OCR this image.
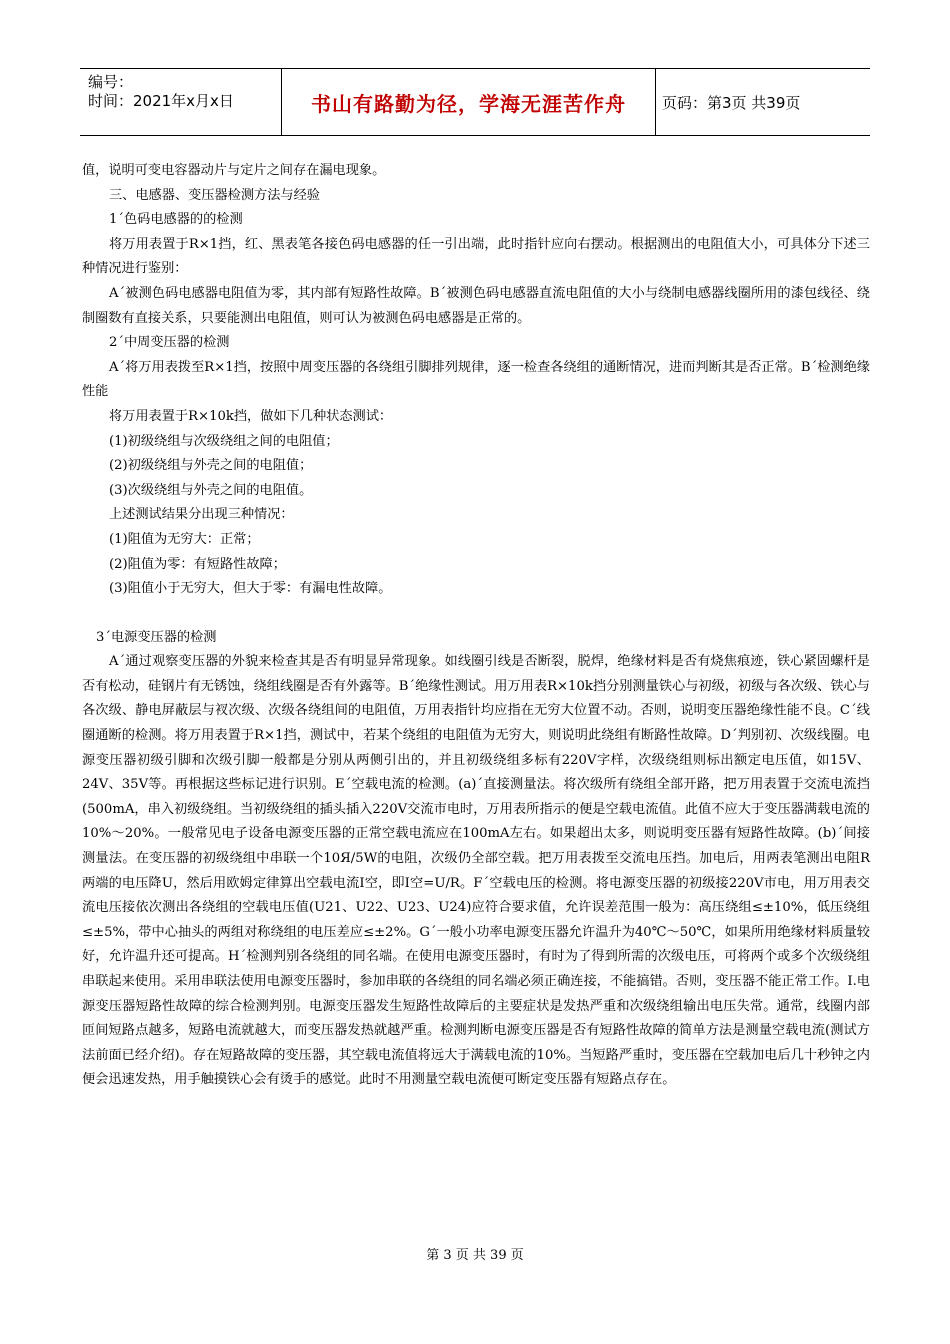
编号：
时间：2021年x月x日	书山有路勤为径，学海无涯苦作舟	页码：第3页 共39页

值，说明可变电容器动片与定片之间存在漏电现象。

三、电感器、变压器检测方法与经验

1ˊ色码电感器的的检测

将万用表置于R×1挡，红、黑表笔各接色码电感器的任一引出端，此时指针应向右摆动。根据测出的电阻值大小，可具体分下述三种情况进行鉴别：

Aˊ被测色码电感器电阻值为零，其内部有短路性故障。Bˊ被测色码电感器直流电阻值的大小与绕制电感器线圈所用的漆包线径、绕制圈数有直接关系，只要能测出电阻值，则可认为被测色码电感器是正常的。

2ˊ中周变压器的检测

Aˊ将万用表拨至R×1挡，按照中周变压器的各绕组引脚排列规律，逐一检查各绕组的通断情况，进而判断其是否正常。Bˊ检测绝缘性能

将万用表置于R×10k挡，做如下几种状态测试：

(1)初级绕组与次级绕组之间的电阻值；

(2)初级绕组与外壳之间的电阻值；

(3)次级绕组与外壳之间的电阻值。

上述测试结果分出现三种情况：

(1)阻值为无穷大：正常；

(2)阻值为零：有短路性故障；

(3)阻值小于无穷大，但大于零：有漏电性故障。

3ˊ电源变压器的检测

Aˊ通过观察变压器的外貌来检查其是否有明显异常现象。如线圈引线是否断裂，脱焊，绝缘材料是否有烧焦痕迹，铁心紧固螺杆是否有松动，硅钢片有无锈蚀，绕组线圈是否有外露等。Bˊ绝缘性测试。用万用表R×10k挡分别测量铁心与初级，初级与各次级、铁心与各次级、静电屏蔽层与衩次级、次级各绕组间的电阻值，万用表指针均应指在无穷大位置不动。否则，说明变压器绝缘性能不良。Cˊ线圈通断的检测。将万用表置于R×1挡，测试中，若某个绕组的电阻值为无穷大，则说明此绕组有断路性故障。Dˊ判别初、次级线圈。电源变压器初级引脚和次级引脚一般都是分别从两侧引出的，并且初级绕组多标有220V字样，次级绕组则标出额定电压值，如15V、24V、35V等。再根据这些标记进行识别。Eˊ空载电流的检测。(a)ˊ直接测量法。将次级所有绕组全部开路，把万用表置于交流电流挡(500mA，串入初级绕组。当初级绕组的插头插入220V交流市电时，万用表所指示的便是空载电流值。此值不应大于变压器满载电流的10%～20%。一般常见电子设备电源变压器的正常空载电流应在100mA左右。如果超出太多，则说明变压器有短路性故障。(b)ˊ间接测量法。在变压器的初级绕组中串联一个10Я/5W的电阻，次级仍全部空载。把万用表拨至交流电压挡。加电后，用两表笔测出电阻R两端的电压降U，然后用欧姆定律算出空载电流I空，即I空=U/R。Fˊ空载电压的检测。将电源变压器的初级接220V市电，用万用表交流电压接依次测出各绕组的空载电压值(U21、U22、U23、U24)应符合要求值，允许误差范围一般为：高压绕组≤±10%，低压绕组≤±5%，带中心抽头的两组对称绕组的电压差应≤±2%。Gˊ一般小功率电源变压器允许温升为40℃～50℃，如果所用绝缘材料质量较好，允许温升还可提高。Hˊ检测判别各绕组的同名端。在使用电源变压器时，有时为了得到所需的次级电压，可将两个或多个次级绕组串联起来使用。采用串联法使用电源变压器时，参加串联的各绕组的同名端必须正确连接，不能搞错。否则，变压器不能正常工作。I.电源变压器短路性故障的综合检测判别。电源变压器发生短路性故障后的主要症状是发热严重和次级绕组输出电压失常。通常，线圈内部匝间短路点越多，短路电流就越大，而变压器发热就越严重。检测判断电源变压器是否有短路性故障的简单方法是测量空载电流(测试方法前面已经介绍)。存在短路故障的变压器，其空载电流值将远大于满载电流的10%。当短路严重时，变压器在空载加电后几十秒钟之内便会迅速发热，用手触摸铁心会有烫手的感觉。此时不用测量空载电流便可断定变压器有短路点存在。

第 3 页 共 39 页
